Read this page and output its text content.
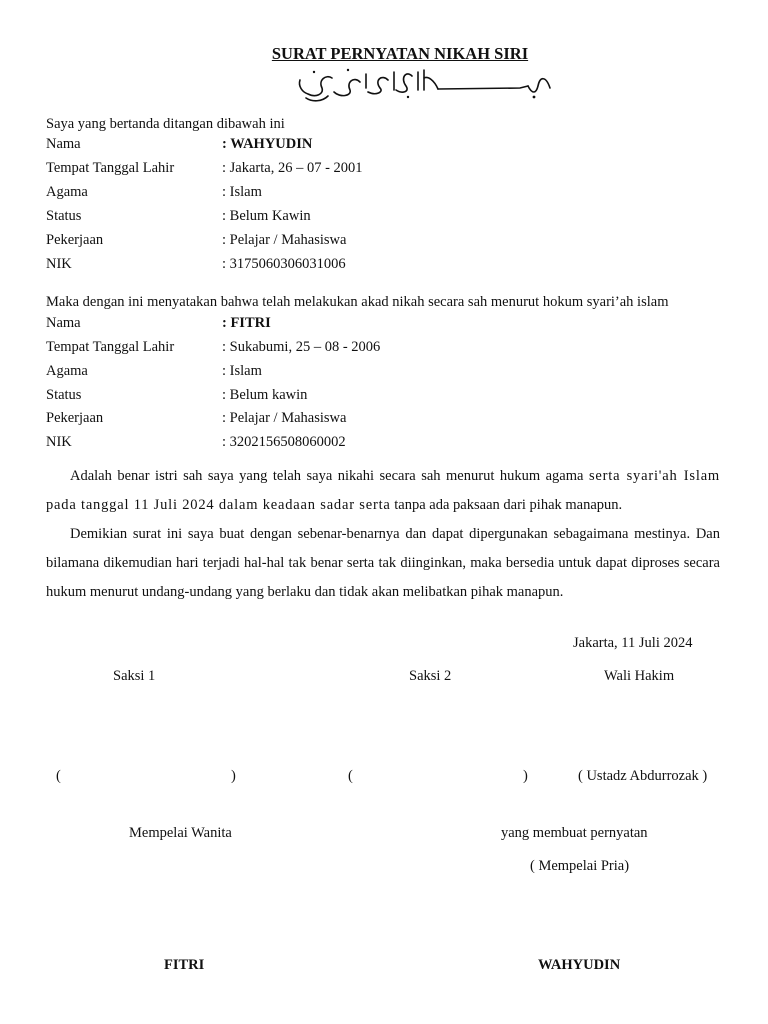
SURAT PERNYATAN NIKAH SIRI
Saya yang bertanda ditangan dibawah ini
Nama	: WAHYUDIN
Tempat Tanggal Lahir	: Jakarta, 26 – 07 - 2001
Agama	: Islam
Status	: Belum Kawin
Pekerjaan	: Pelajar / Mahasiswa
NIK	: 3175060306031006
Maka dengan ini menyatakan bahwa telah melakukan akad nikah secara sah menurut hokum syari’ah islam
Nama	: FITRI
Tempat Tanggal Lahir	: Sukabumi, 25 – 08 - 2006
Agama	: Islam
Status	: Belum kawin
Pekerjaan	: Pelajar / Mahasiswa
NIK	: 3202156508060002

Adalah benar istri sah saya yang telah saya nikahi secara sah menurut hukum agama serta syari'ah Islam pada tanggal 11 Juli 2024 dalam keadaan sadar serta tanpa ada paksaan dari pihak manapun.

Demikian surat ini saya buat dengan sebenar-benarnya dan dapat dipergunakan sebagaimana mestinya. Dan bilamana dikemudian hari terjadi hal-hal tak benar serta tak diinginkan, maka bersedia untuk dapat diproses secara hukum menurut undang-undang yang berlaku dan tidak akan melibatkan pihak manapun.

Jakarta, 11 Juli 2024
Saksi 1	Saksi 2	Wali Hakim
(	)	(	)	( Ustadz Abdurrozak )
Mempelai Wanita	yang membuat pernyatan
( Mempelai Pria)
FITRI	WAHYUDIN
